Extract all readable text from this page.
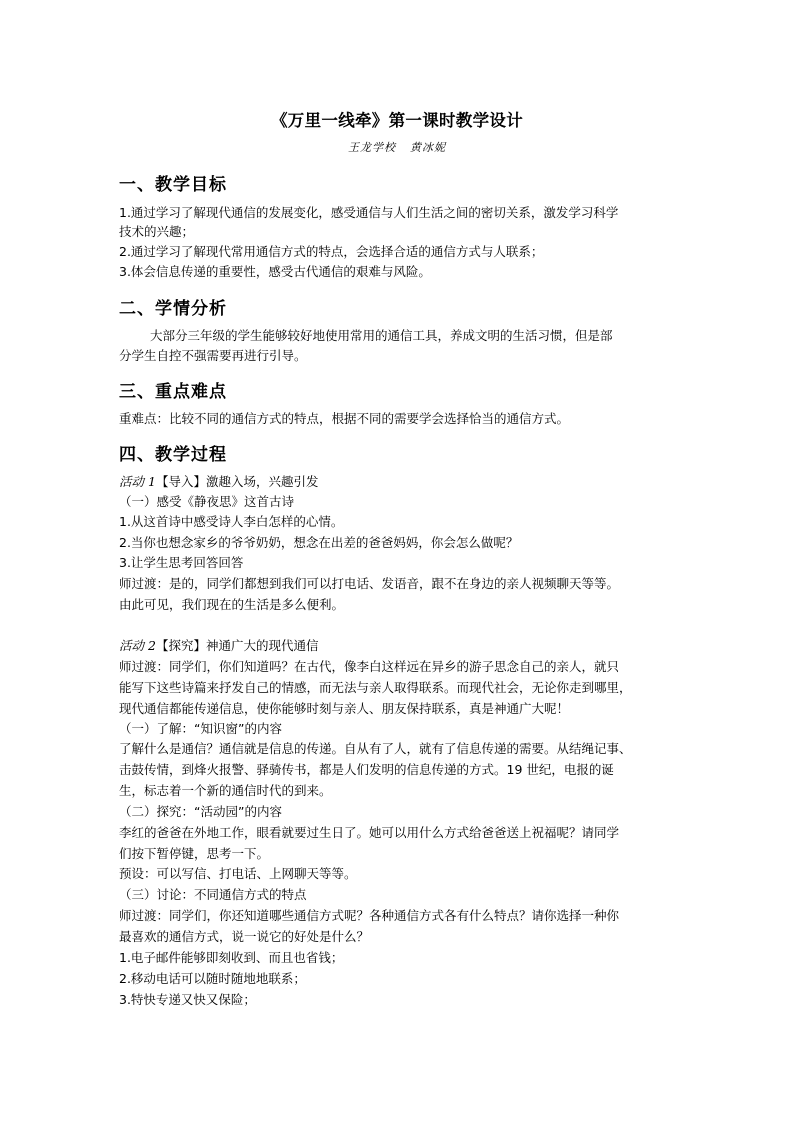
《万里一线牵》第一课时教学设计
王龙学校 黄冰妮
一、教学目标
1.通过学习了解现代通信的发展变化，感受通信与人们生活之间的密切关系，激发学习科学
技术的兴趣；
2.通过学习了解现代常用通信方式的特点，会选择合适的通信方式与人联系；
3.体会信息传递的重要性，感受古代通信的艰难与风险。
二、学情分析
大部分三年级的学生能够较好地使用常用的通信工具，养成文明的生活习惯，但是部
分学生自控不强需要再进行引导。
三、重点难点
重难点：比较不同的通信方式的特点，根据不同的需要学会选择恰当的通信方式。
四、教学过程
活动 1【导入】激趣入场，兴趣引发
（一）感受《静夜思》这首古诗
1.从这首诗中感受诗人李白怎样的心情。
2.当你也想念家乡的爷爷奶奶，想念在出差的爸爸妈妈，你会怎么做呢？
3.让学生思考回答回答
师过渡：是的，同学们都想到我们可以打电话、发语音，跟不在身边的亲人视频聊天等等。
由此可见，我们现在的生活是多么便利。
活动 2【探究】神通广大的现代通信
师过渡：同学们，你们知道吗？在古代，像李白这样远在异乡的游子思念自己的亲人，就只
能写下这些诗篇来抒发自己的情感，而无法与亲人取得联系。而现代社会，无论你走到哪里，
现代通信都能传递信息，使你能够时刻与亲人、朋友保持联系，真是神通广大呢！
（一）了解：“知识窗”的内容
了解什么是通信？通信就是信息的传递。自从有了人，就有了信息传递的需要。从结绳记事、
击鼓传情，到烽火报警、驿骑传书，都是人们发明的信息传递的方式。19 世纪，电报的诞
生，标志着一个新的通信时代的到来。
（二）探究：“活动园”的内容
李红的爸爸在外地工作，眼看就要过生日了。她可以用什么方式给爸爸送上祝福呢？请同学
们按下暂停键，思考一下。
预设：可以写信、打电话、上网聊天等等。
（三）讨论：不同通信方式的特点
师过渡：同学们，你还知道哪些通信方式呢？各种通信方式各有什么特点？请你选择一种你
最喜欢的通信方式，说一说它的好处是什么？
1.电子邮件能够即刻收到、而且也省钱；
2.移动电话可以随时随地地联系；
3.特快专递又快又保险；
